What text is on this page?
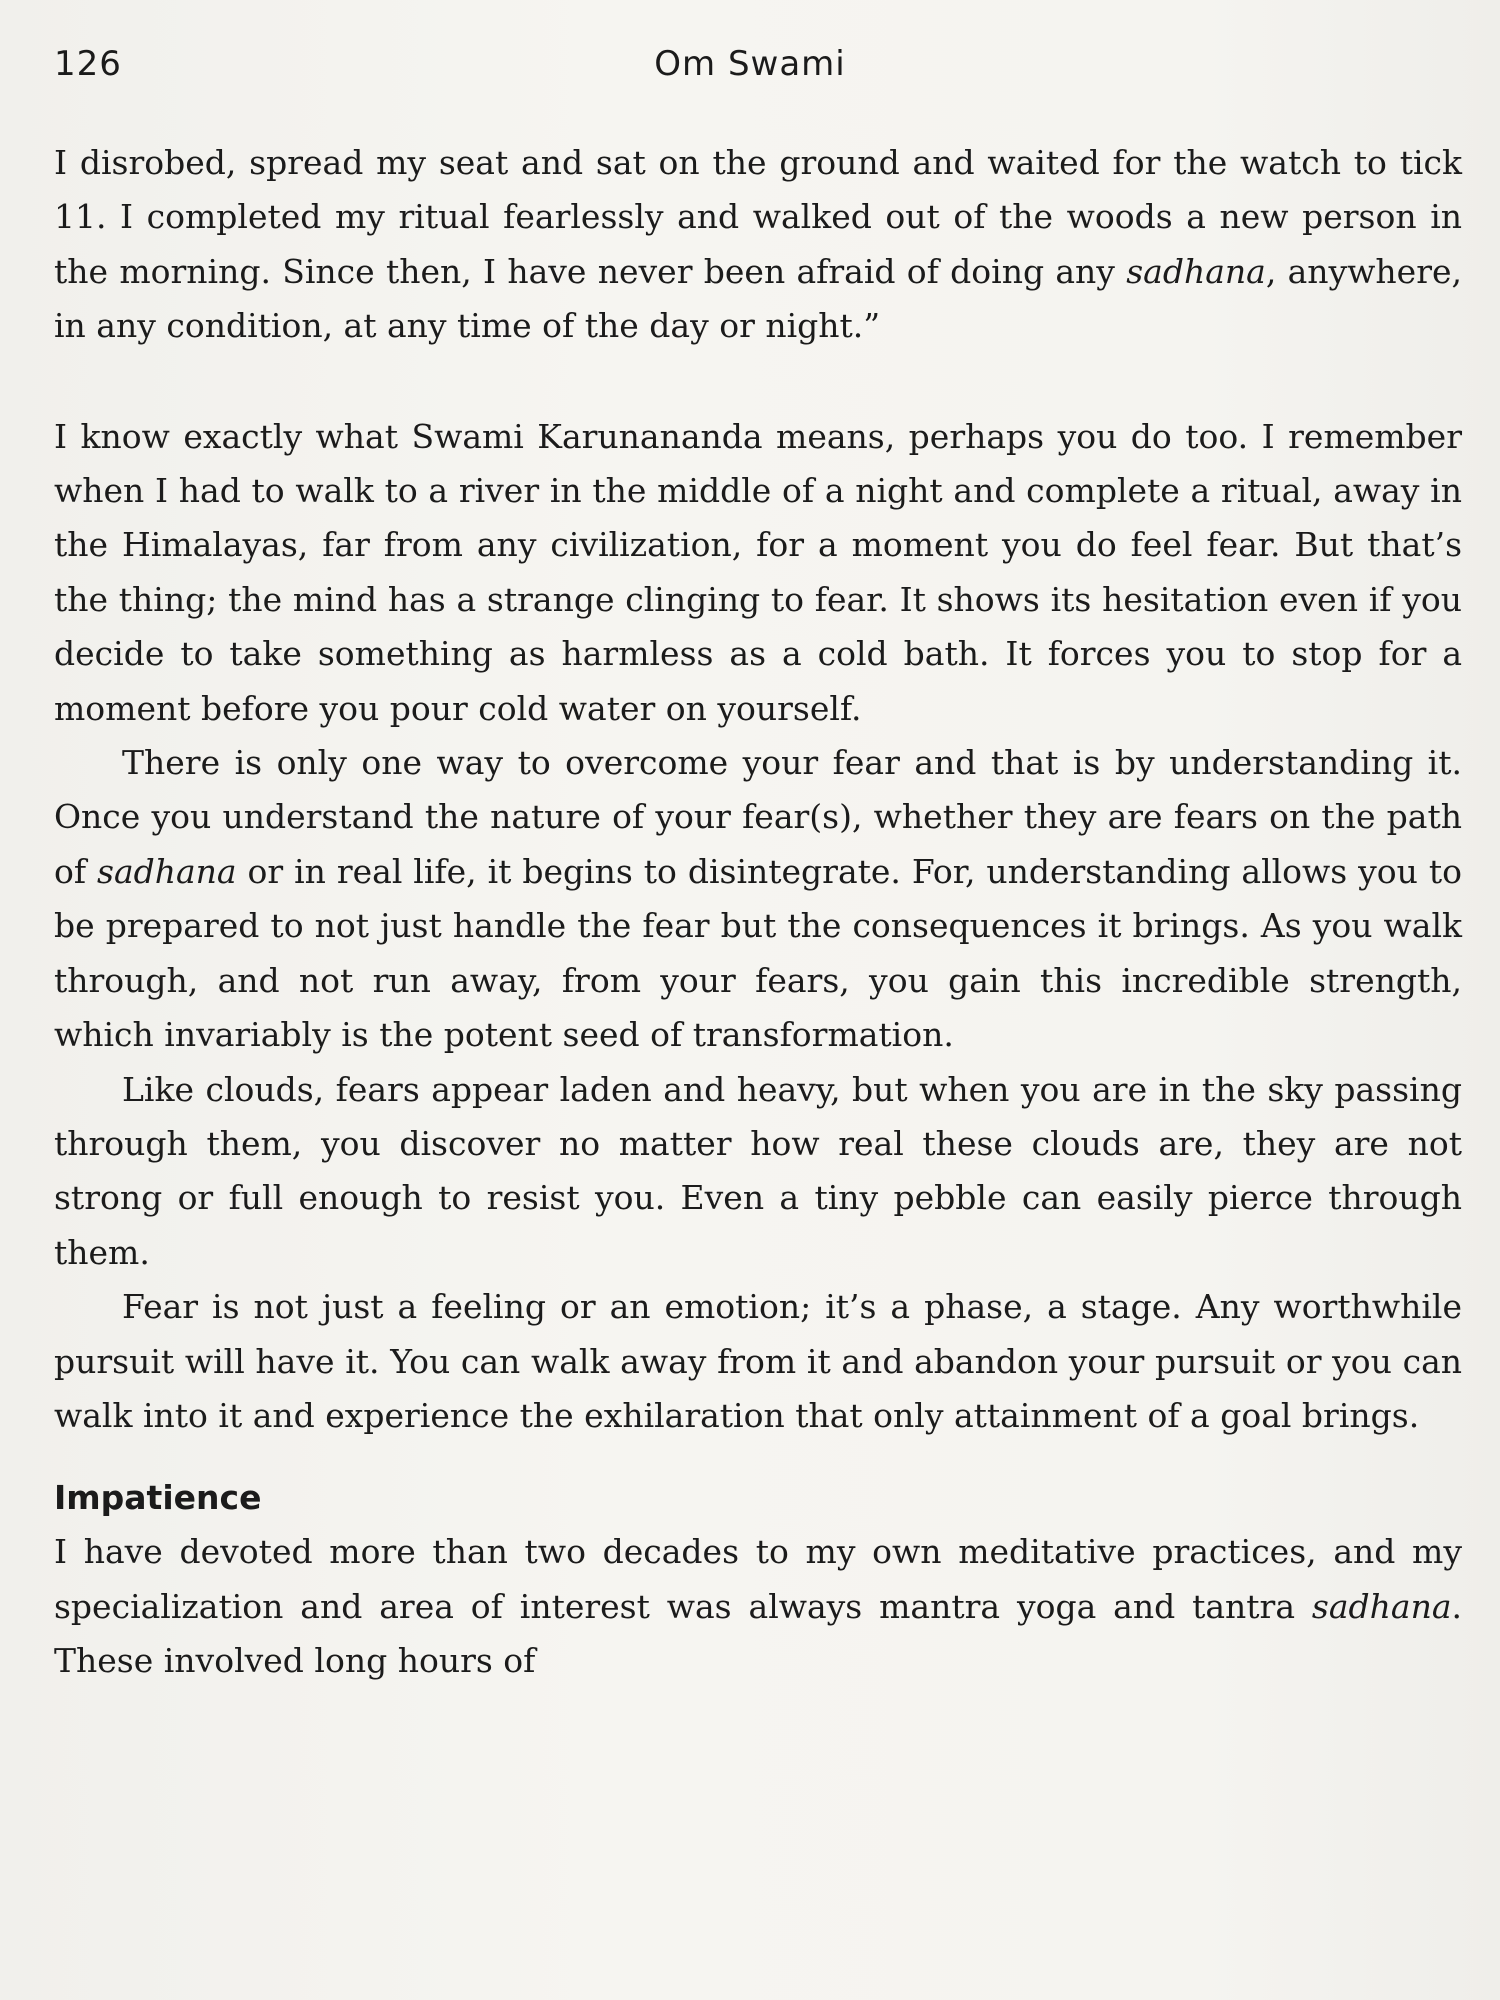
126	Om Swami

I disrobed, spread my seat and sat on the ground and waited for the watch to tick 11. I completed my ritual fearlessly and walked out of the woods a new person in the morning. Since then, I have never been afraid of doing any sadhana, anywhere, in any condition, at any time of the day or night.”

I know exactly what Swami Karunananda means, perhaps you do too. I remember when I had to walk to a river in the middle of a night and complete a ritual, away in the Himalayas, far from any civilization, for a moment you do feel fear. But that’s the thing; the mind has a strange clinging to fear. It shows its hesitation even if you decide to take something as harmless as a cold bath. It forces you to stop for a moment before you pour cold water on yourself.

There is only one way to overcome your fear and that is by understanding it. Once you understand the nature of your fear(s), whether they are fears on the path of sadhana or in real life, it begins to disintegrate. For, understanding allows you to be prepared to not just handle the fear but the consequences it brings. As you walk through, and not run away, from your fears, you gain this incredible strength, which invariably is the potent seed of transformation.

Like clouds, fears appear laden and heavy, but when you are in the sky passing through them, you discover no matter how real these clouds are, they are not strong or full enough to resist you. Even a tiny pebble can easily pierce through them.

Fear is not just a feeling or an emotion; it’s a phase, a stage. Any worthwhile pursuit will have it. You can walk away from it and abandon your pursuit or you can walk into it and experience the exhilaration that only attainment of a goal brings.

Impatience

I have devoted more than two decades to my own meditative practices, and my specialization and area of interest was always mantra yoga and tantra sadhana. These involved long hours of
